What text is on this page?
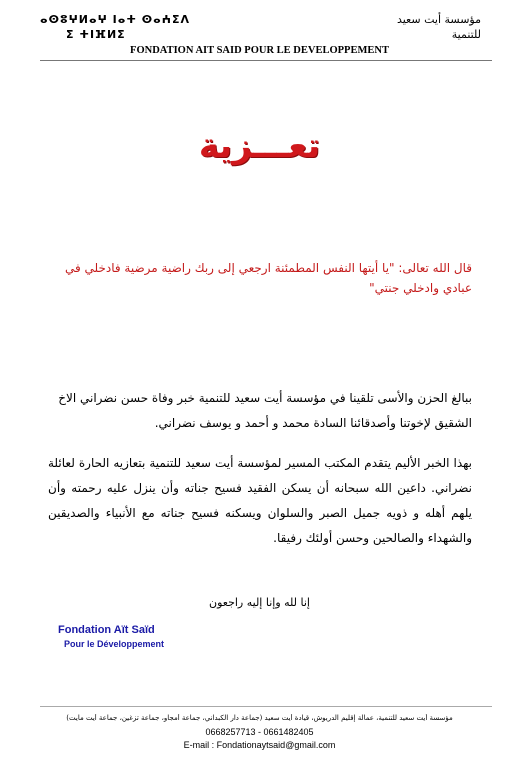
ⴰⵙⵓⵖⵍⴰⵖ ⵏⴰⵜ ⵙⴰⵄⵉⴷ
ⵉ ⵜⵏⴼⵍⵉ
مؤسسة أيت سعيد
للتنمية
FONDATION AIT SAID POUR LE DEVELOPPEMENT
تعـــزية
قال الله تعالى: "يا أيتها النفس المطمئنة ارجعي إلى ربك راضية مرضية فادخلي في عبادي وادخلي جنتي"
ببالغ الحزن والأسى تلقينا في مؤسسة أيت سعيد للتنمية خبر وفاة حسن نضراني الاخ الشقيق لإخوتنا وأصدقائنا السادة محمد و أحمد و يوسف نضراني.
بهذا الخبر الأليم يتقدم المكتب المسير لمؤسسة أيت سعيد للتنمية بتعازيه الحارة لعائلة نضراني. داعين الله سبحانه أن يسكن الفقيد فسيح جناته وأن ينزل عليه رحمته وأن يلهم أهله و ذويه جميل الصبر والسلوان ويسكنه فسيح جناته مع الأنبياء والصديقين والشهداء والصالحين وحسن أولئك رفيقا.
إنا لله وإنا إليه راجعون
Fondation Aït Saïd
Pour le Développement
مؤسسة أيت سعيد للتنمية، عمالة إقليم الدريوش، قيادة أيت سعيد (جماعة دار الكبداني، جماعة أمجاو، جماعة تزغين، جماعة أيت مايت)
0668257713 - 0661482405
E-mail : Fondationaytsaid@gmail.com
